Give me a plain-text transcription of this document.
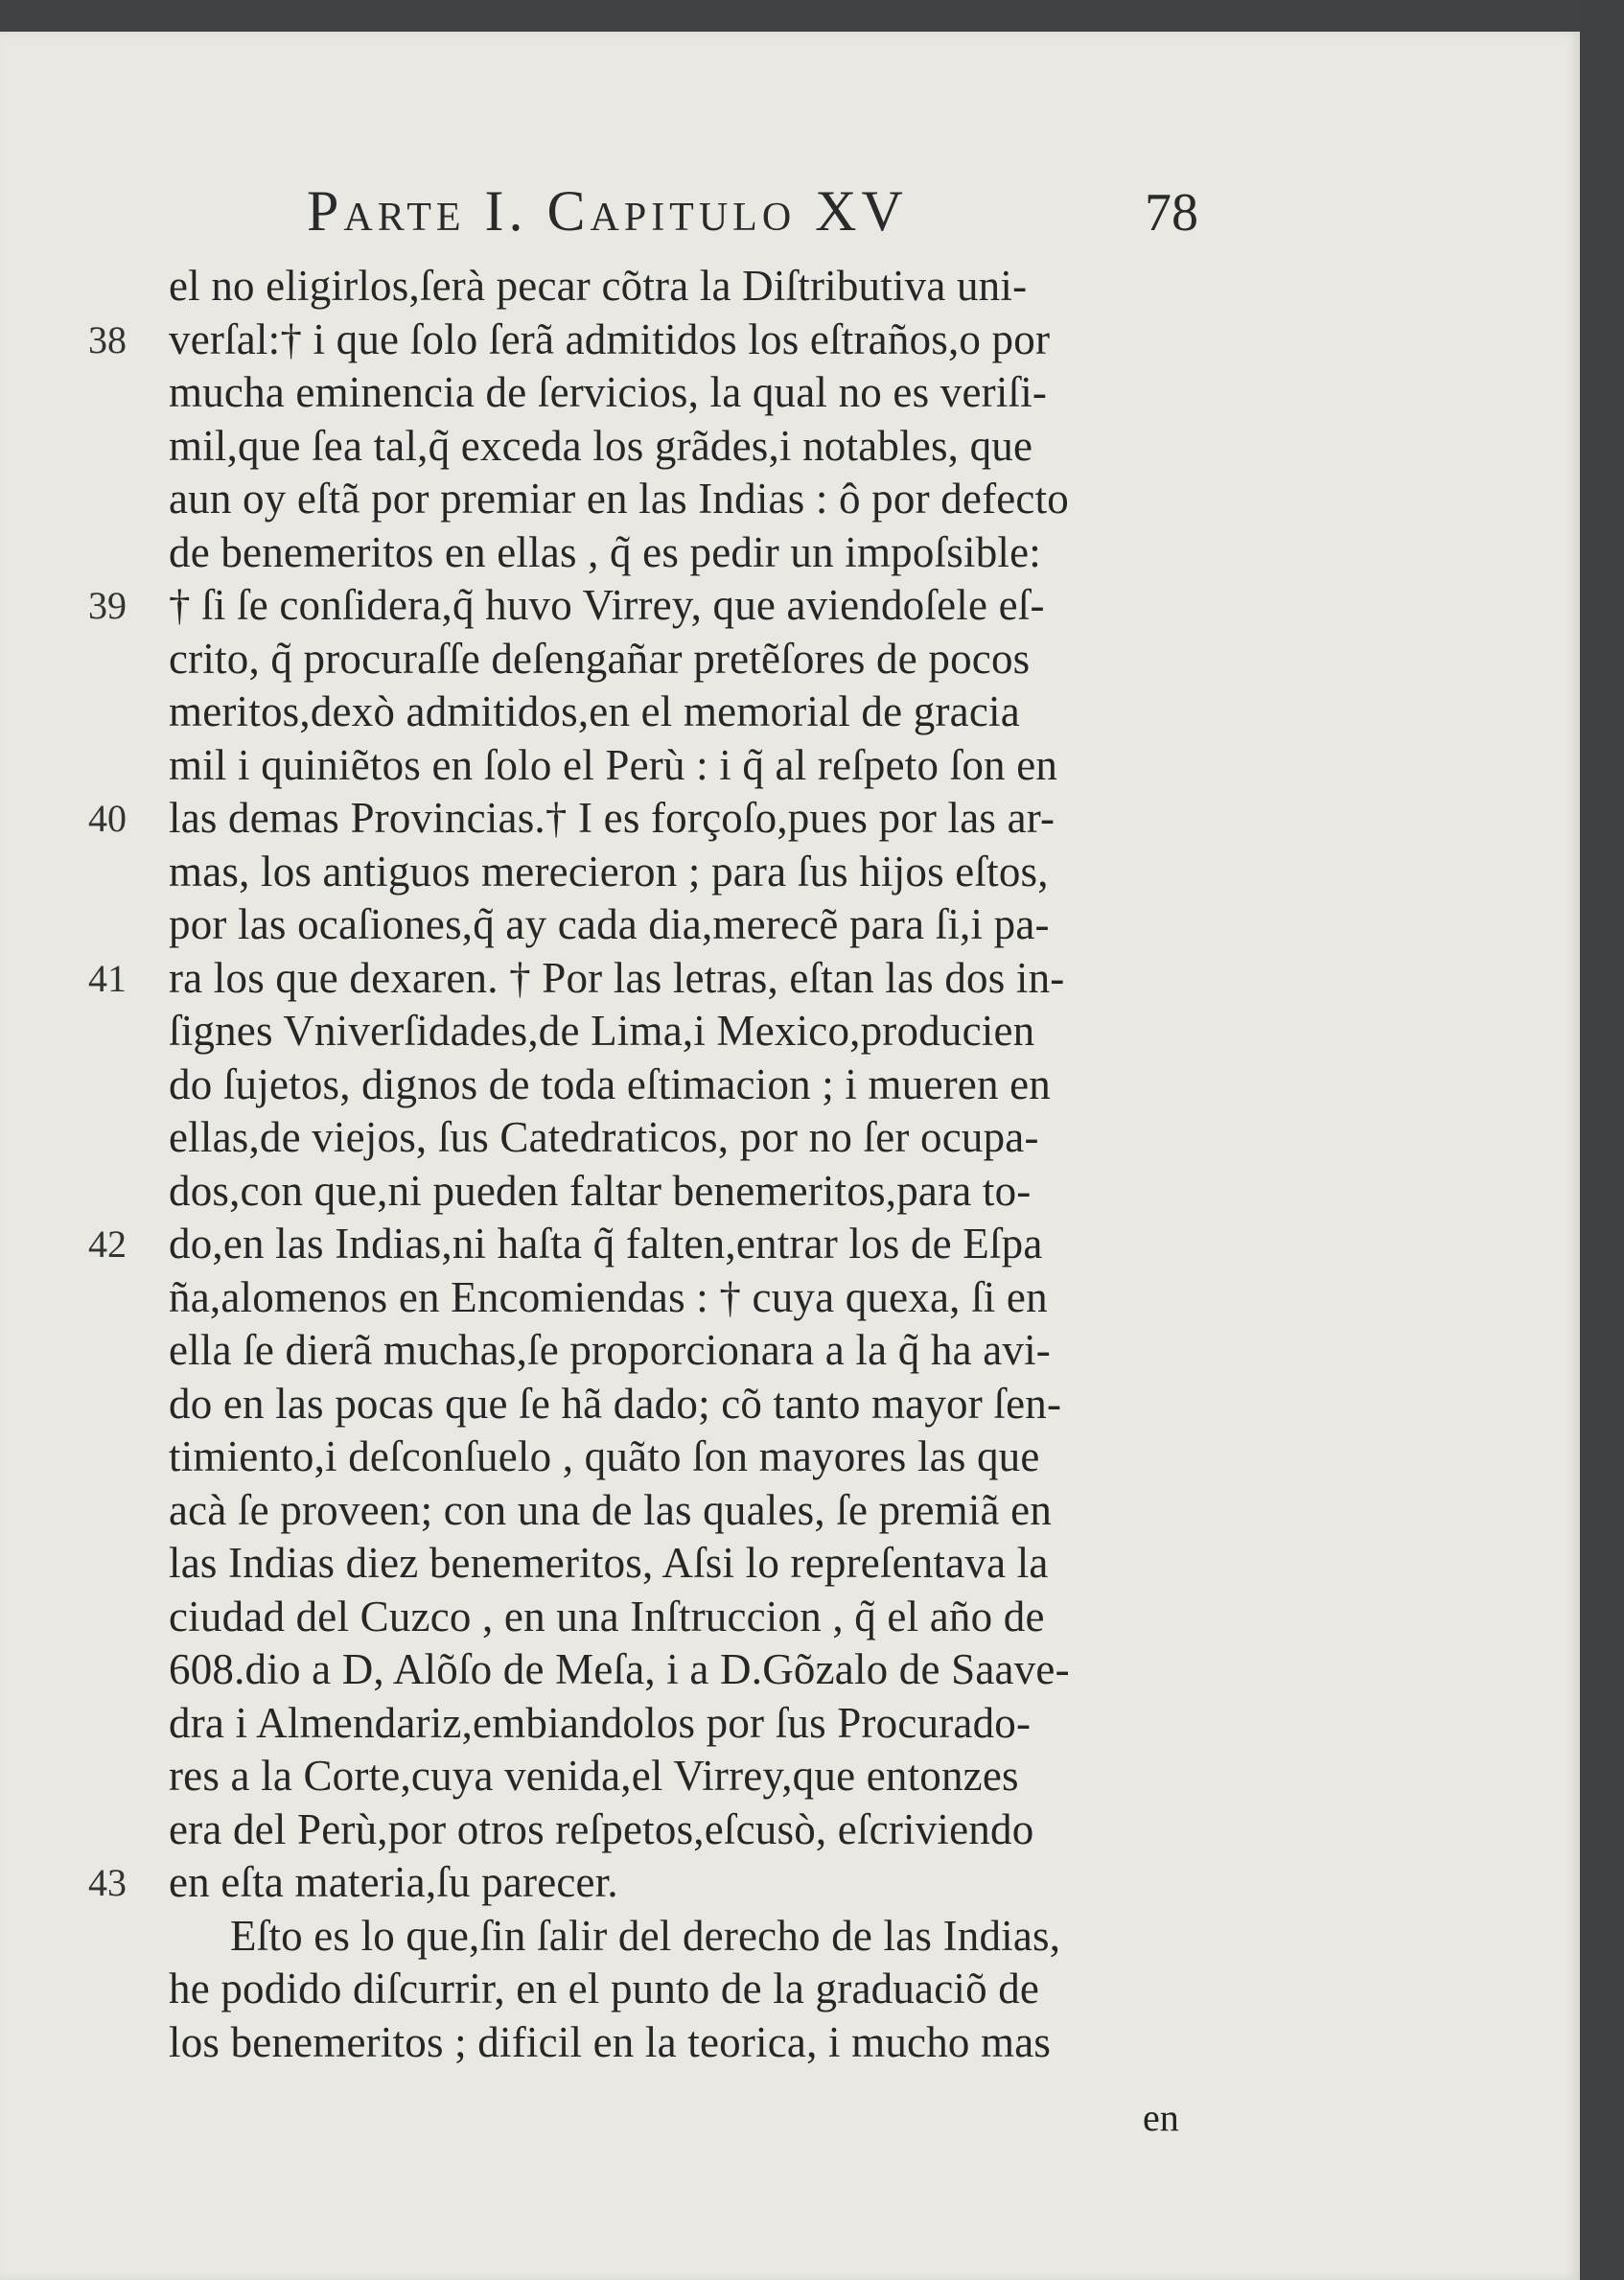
Parte I. Capitulo XV	78
38
39
40
41
42
43
el no eligirlos,ſerà pecar cõtra la Diſtributiva uni-
verſal:† i que ſolo ſerã admitidos los eſtraños,o por
mucha eminencia de ſervicios, la qual no es veriſi-
mil,que ſea tal,q̃ exceda los grãdes,i notables, que
aun oy eſtã por premiar en las Indias : ô por defecto
de benemeritos en ellas , q̃ es pedir un impoſsible:
† ſi ſe conſidera,q̃ huvo Virrey, que aviendoſele eſ-
crito, q̃ procuraſſe deſengañar pretẽſores de pocos
meritos,dexò admitidos,en el memorial de gracia
mil i quiniẽtos en ſolo el Perù : i q̃ al reſpeto ſon en
las demas Provincias.† I es forçoſo,pues por las ar-
mas, los antiguos merecieron ; para ſus hijos eſtos,
por las ocaſiones,q̃ ay cada dia,merecẽ para ſi,i pa-
ra los que dexaren. † Por las letras, eſtan las dos in-
ſignes Vniverſidades,de Lima,i Mexico,producien
do ſujetos, dignos de toda eſtimacion ; i mueren en
ellas,de viejos, ſus Catedraticos, por no ſer ocupa-
dos,con que,ni pueden faltar benemeritos,para to-
do,en las Indias,ni haſta q̃ falten,entrar los de Eſpa
ña,alomenos en Encomiendas : † cuya quexa, ſi en
ella ſe dierã muchas,ſe proporcionara a la q̃ ha avi-
do en las pocas que ſe hã dado; cõ tanto mayor ſen-
timiento,i deſconſuelo , quãto ſon mayores las que
acà ſe proveen; con una de las quales, ſe premiã en
las Indias diez benemeritos, Aſsi lo repreſentava la
ciudad del Cuzco , en una Inſtruccion , q̃ el año de
608.dio a D, Alõſo de Meſa, i a D.Gõzalo de Saave-
dra i Almendariz,embiandolos por ſus Procurado-
res a la Corte,cuya venida,el Virrey,que entonzes
era del Perù,por otros reſpetos,eſcusò, eſcriviendo
en eſta materia,ſu parecer.
Eſto es lo que,ſin ſalir del derecho de las Indias,
he podido diſcurrir, en el punto de la graduaciõ de
los benemeritos ; dificil en la teorica, i mucho mas
en
